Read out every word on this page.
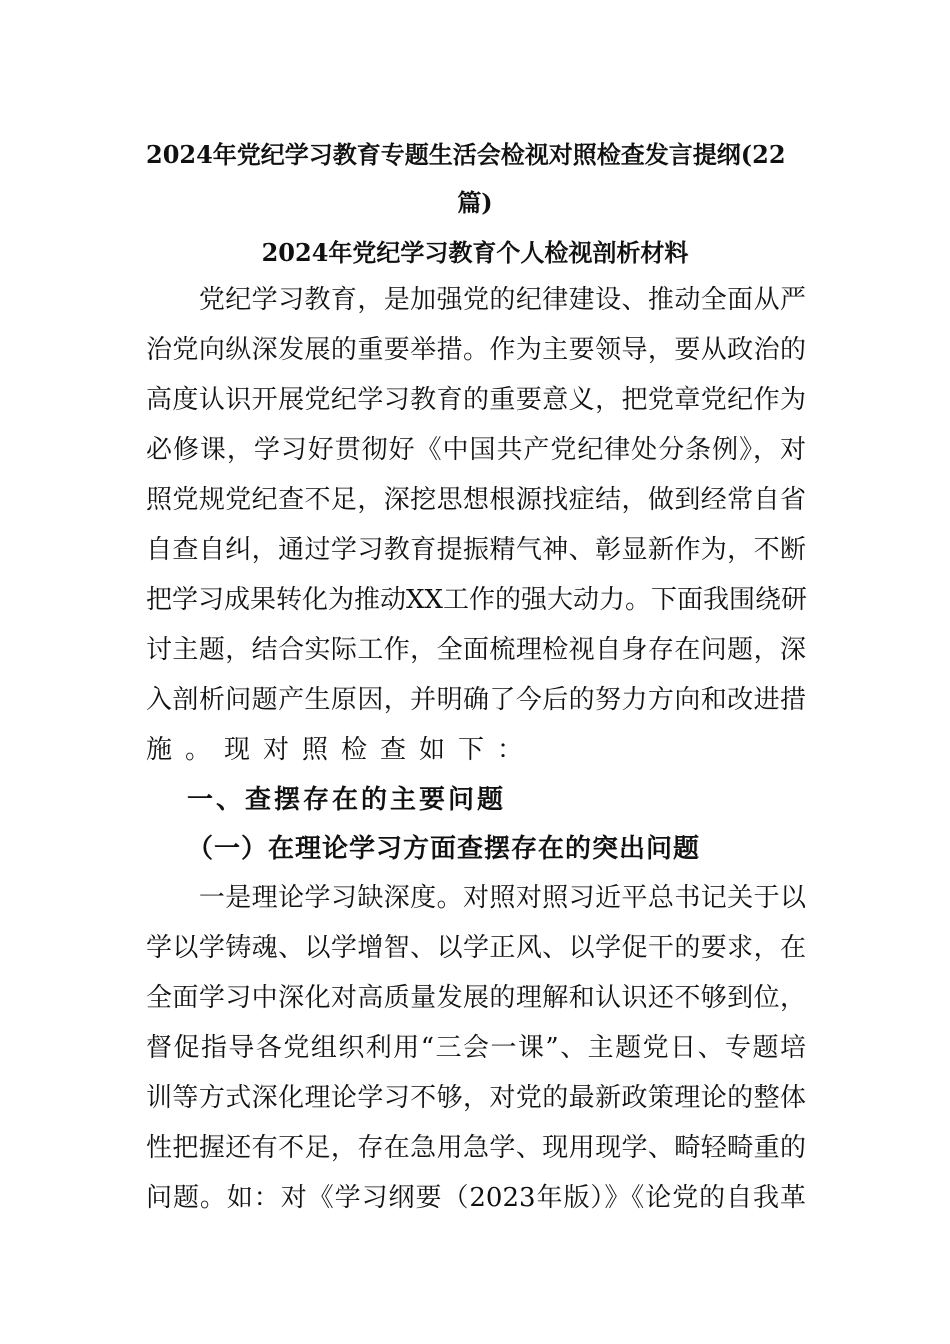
2024年党纪学习教育专题生活会检视对照检查发言提纲(22
篇)
2024年党纪学习教育个人检视剖析材料
　　党纪学习教育，是加强党的纪律建设、推动全面从严
治党向纵深发展的重要举措。作为主要领导，要从政治的
高度认识开展党纪学习教育的重要意义，把党章党纪作为
必修课，学习好贯彻好《中国共产党纪律处分条例》，对
照党规党纪查不足，深挖思想根源找症结，做到经常自省
自查自纠，通过学习教育提振精气神、彰显新作为，不断
把学习成果转化为推动XX工作的强大动力。下面我围绕研
讨主题，结合实际工作，全面梳理检视自身存在问题，深
入剖析问题产生原因，并明确了今后的努力方向和改进措
施。现对照检查如下：
一、查摆存在的主要问题
（一）在理论学习方面查摆存在的突出问题
　　一是理论学习缺深度。对照对照习近平总书记关于以
学以学铸魂、以学增智、以学正风、以学促干的要求，在
全面学习中深化对高质量发展的理解和认识还不够到位，
督促指导各党组织利用“三会一课”、主题党日、专题培
训等方式深化理论学习不够，对党的最新政策理论的整体
性把握还有不足，存在急用急学、现用现学、畸轻畸重的
问题。如：对《学习纲要（2023年版）》《论党的自我革
